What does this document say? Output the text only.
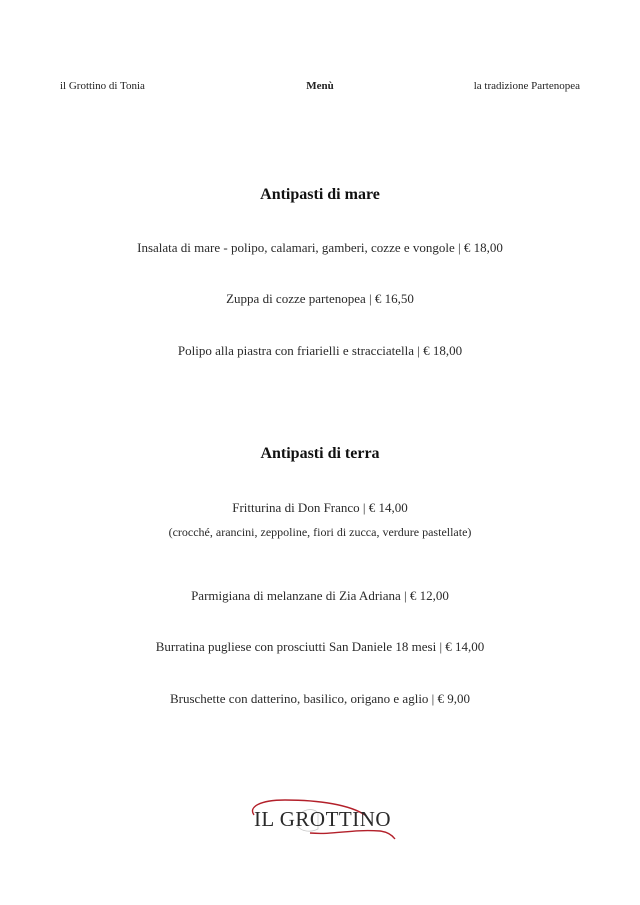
il Grottino di Tonia	Menù	la tradizione Partenopea
Antipasti di mare
Insalata di mare - polipo, calamari, gamberi, cozze e vongole | € 18,00
Zuppa di cozze partenopea | € 16,50
Polipo alla piastra con friarielli e stracciatella | € 18,00
Antipasti di terra
Fritturina di Don Franco | € 14,00
(crocché, arancini, zeppoline, fiori di zucca, verdure pastellate)
Parmigiana di melanzane di Zia Adriana | € 12,00
Burratina pugliese con prosciutti San Daniele 18 mesi | € 14,00
Bruschette con datterino, basilico, origano e aglio | € 9,00
IL GROTTINO
